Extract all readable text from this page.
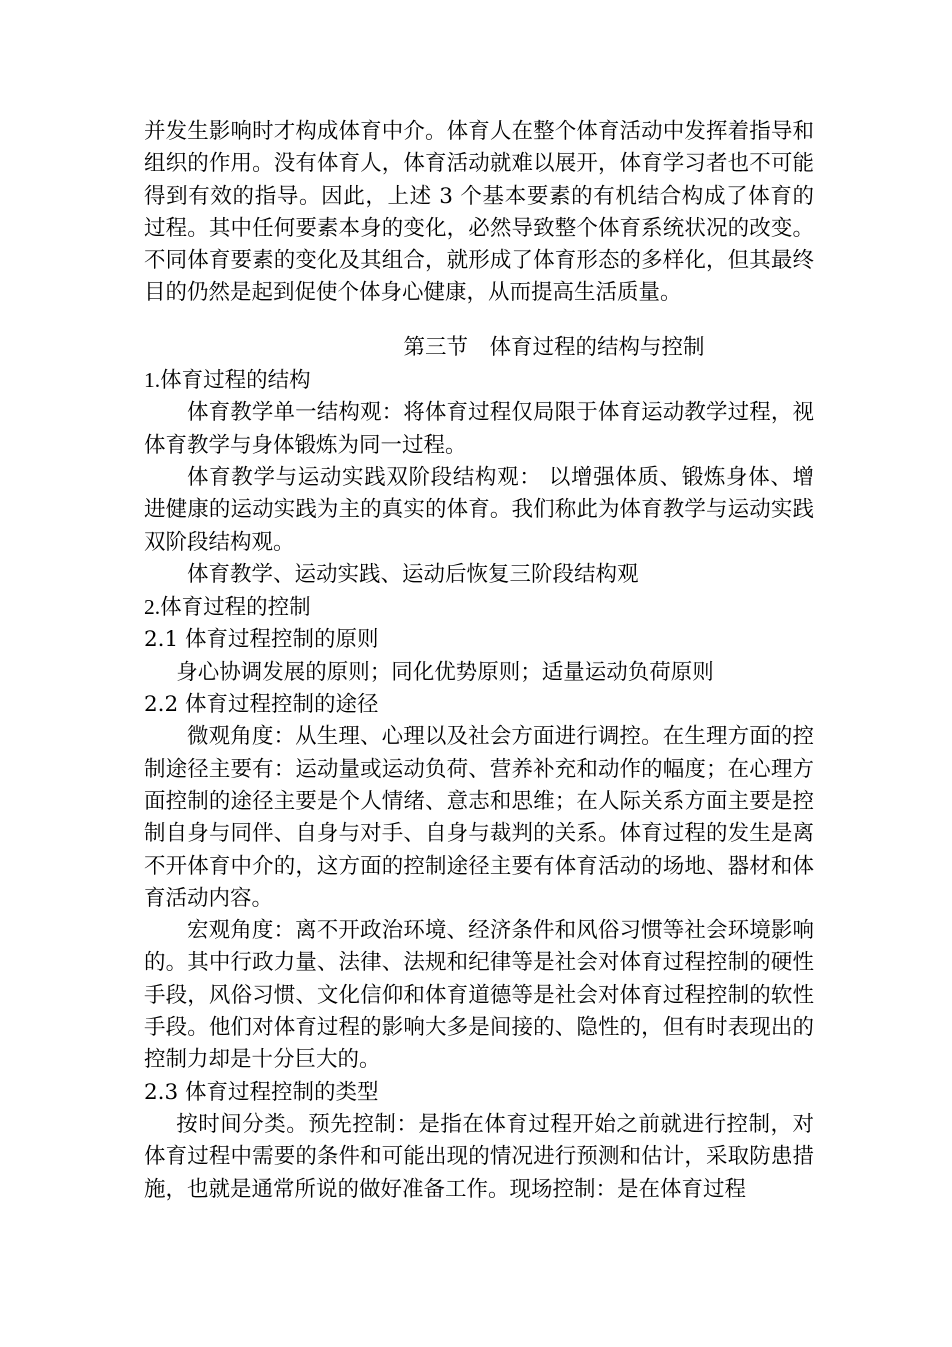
并发生影响时才构成体育中介。体育人在整个体育活动中发挥着指导和组织的作用。没有体育人，体育活动就难以展开，体育学习者也不可能得到有效的指导。因此，上述 3 个基本要素的有机结合构成了体育的过程。其中任何要素本身的变化，必然导致整个体育系统状况的改变。不同体育要素的变化及其组合，就形成了体育形态的多样化，但其最终目的仍然是起到促使个体身心健康，从而提高生活质量。

第三节　体育过程的结构与控制

1.体育过程的结构

体育教学单一结构观：将体育过程仅局限于体育运动教学过程，视体育教学与身体锻炼为同一过程。

体育教学与运动实践双阶段结构观： 以增强体质、锻炼身体、增进健康的运动实践为主的真实的体育。我们称此为体育教学与运动实践双阶段结构观。

体育教学、运动实践、运动后恢复三阶段结构观

2.体育过程的控制

2.1 体育过程控制的原则

身心协调发展的原则；同化优势原则；适量运动负荷原则

2.2 体育过程控制的途径

微观角度：从生理、心理以及社会方面进行调控。在生理方面的控制途径主要有：运动量或运动负荷、营养补充和动作的幅度；在心理方面控制的途径主要是个人情绪、意志和思维；在人际关系方面主要是控制自身与同伴、自身与对手、自身与裁判的关系。体育过程的发生是离不开体育中介的，这方面的控制途径主要有体育活动的场地、器材和体育活动内容。

宏观角度：离不开政治环境、经济条件和风俗习惯等社会环境影响的。其中行政力量、法律、法规和纪律等是社会对体育过程控制的硬性手段，风俗习惯、文化信仰和体育道德等是社会对体育过程控制的软性手段。他们对体育过程的影响大多是间接的、隐性的，但有时表现出的控制力却是十分巨大的。

2.3 体育过程控制的类型

按时间分类。预先控制：是指在体育过程开始之前就进行控制，对体育过程中需要的条件和可能出现的情况进行预测和估计，采取防患措施，也就是通常所说的做好准备工作。现场控制：是在体育过程
